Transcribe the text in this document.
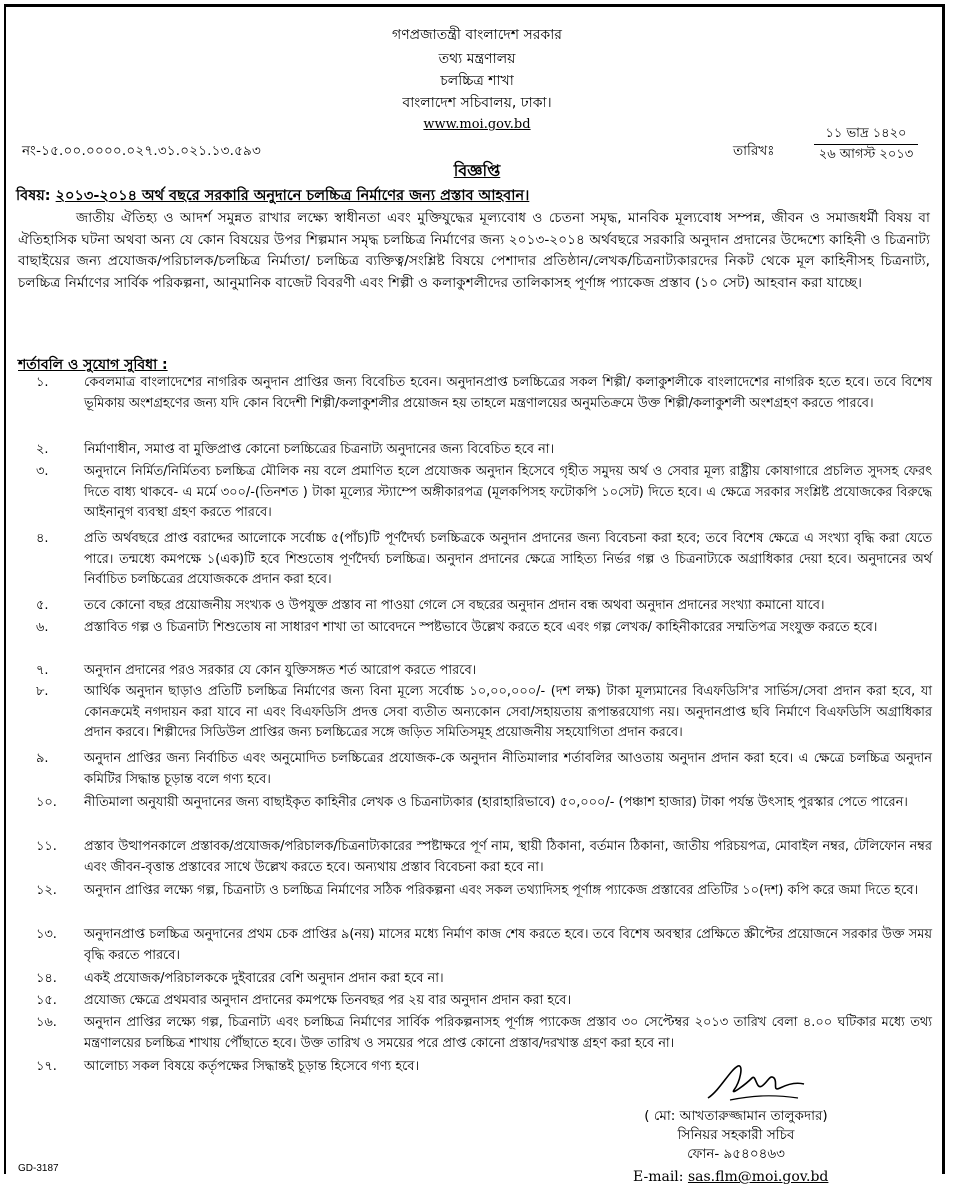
গণপ্রজাতন্ত্রী বাংলাদেশ সরকার
তথ্য মন্ত্রণালয়
চলচ্চিত্র শাখা
বাংলাদেশ সচিবালয়, ঢাকা।
www.moi.gov.bd
নং-১৫.০০.০০০০.০২৭.৩১.০২১.১৩.৫৯৩	তারিখঃ
১১ ভাদ্র ১৪২০
২৬ আগস্ট ২০১৩
বিজ্ঞপ্তি
বিষয়: ২০১৩-২০১৪ অর্থ বছরে সরকারি অনুদানে চলচ্চিত্র নির্মাণের জন্য প্রস্তাব আহবান।
জাতীয় ঐতিহ্য ও আদর্শ সমুন্নত রাখার লক্ষ্যে স্বাধীনতা এবং মুক্তিযুদ্ধের মূল্যবোধ ও চেতনা সমৃদ্ধ, মানবিক মূল্যবোধ সম্পন্ন, জীবন ও সমাজধর্মী বিষয় বা ঐতিহাসিক ঘটনা অথবা অন্য যে কোন বিষয়ের উপর শিল্পমান সমৃদ্ধ চলচ্চিত্র নির্মাণের জন্য ২০১৩-২০১৪ অর্থবছরে সরকারি অনুদান প্রদানের উদ্দেশ্যে কাহিনী ও চিত্রনাট্য বাছাইয়ের জন্য প্রযোজক/পরিচালক/চলচ্চিত্র নির্মাতা/ চলচ্চিত্র ব্যক্তিত্ব/সংশ্লিষ্ট বিষয়ে পেশাদার প্রতিষ্ঠান/লেখক/চিত্রনাট্যকারদের নিকট থেকে মূল কাহিনীসহ চিত্রনাট্য, চলচ্চিত্র নির্মাণের সার্বিক পরিকল্পনা, আনুমানিক বাজেট বিবরণী এবং শিল্পী ও কলাকুশলীদের তালিকাসহ পূর্ণাঙ্গ প্যাকেজ প্রস্তাব (১০ সেট) আহবান করা যাচ্ছে।
শর্তাবলি ও সুযোগ সুবিধা :
১.	কেবলমাত্র বাংলাদেশের নাগরিক অনুদান প্রাপ্তির জন্য বিবেচিত হবেন। অনুদানপ্রাপ্ত চলচ্চিত্রের সকল শিল্পী/ কলাকুশলীকে বাংলাদেশের নাগরিক হতে হবে। তবে বিশেষ ভূমিকায় অংশগ্রহণের জন্য যদি কোন বিদেশী শিল্পী/কলাকুশলীর প্রয়োজন হয় তাহলে মন্ত্রণালয়ের অনুমতিক্রমে উক্ত শিল্পী/কলাকুশলী অংশগ্রহণ করতে পারবে।
২.	নির্মাণাধীন, সমাপ্ত বা মুক্তিপ্রাপ্ত কোনো চলচ্চিত্রের চিত্রনাট্য অনুদানের জন্য বিবেচিত হবে না।
৩.	অনুদানে নির্মিত/নির্মিতব্য চলচ্চিত্র মৌলিক নয় বলে প্রমাণিত হলে প্রযোজক অনুদান হিসেবে গৃহীত সমুদয় অর্থ ও সেবার মূল্য রাষ্ট্রীয় কোষাগারে প্রচলিত সুদসহ ফেরৎ দিতে বাধ্য থাকবে- এ মর্মে ৩০০/-(তিনশত ) টাকা মূল্যের স্ট্যাম্পে অঙ্গীকারপত্র (মূলকপিসহ ফটোকপি ১০সেট) দিতে হবে। এ ক্ষেত্রে সরকার সংশ্লিষ্ট প্রযোজকের বিরুদ্ধে আইনানুগ ব্যবস্থা গ্রহণ করতে পারবে।
৪.	প্রতি অর্থবছরে প্রাপ্ত বরাদ্দের আলোকে সর্বোচ্চ ৫(পাঁচ)টি পূর্ণদৈর্ঘ্য চলচ্চিত্রকে অনুদান প্রদানের জন্য বিবেচনা করা হবে; তবে বিশেষ ক্ষেত্রে এ সংখ্যা বৃদ্ধি করা যেতে পারে। তন্মধ্যে কমপক্ষে ১(এক)টি হবে শিশুতোষ পূর্ণদৈর্ঘ্য চলচ্চিত্র। অনুদান প্রদানের ক্ষেত্রে সাহিত্য নির্ভর গল্প ও চিত্রনাট্যকে অগ্রাধিকার দেয়া হবে। অনুদানের অর্থ নির্বাচিত চলচ্চিত্রের প্রযোজককে প্রদান করা হবে।
৫.	তবে কোনো বছর প্রয়োজনীয় সংখ্যক ও উপযুক্ত প্রস্তাব না পাওয়া গেলে সে বছরের অনুদান প্রদান বন্ধ অথবা অনুদান প্রদানের সংখ্যা কমানো যাবে।
৬.	প্রস্তাবিত গল্প ও চিত্রনাট্য শিশুতোষ না সাধারণ শাখা তা আবেদনে স্পষ্টভাবে উল্লেখ করতে হবে এবং গল্প লেখক/ কাহিনীকারের সম্মতিপত্র সংযুক্ত করতে হবে।
৭.	অনুদান প্রদানের পরও সরকার যে কোন যুক্তিসঙ্গত শর্ত আরোপ করতে পারবে।
৮.	আর্থিক অনুদান ছাড়াও প্রতিটি চলচ্চিত্র নির্মাণের জন্য বিনা মূল্যে সর্বোচ্চ ১০,০০,০০০/- (দশ লক্ষ) টাকা মূল্যমানের বিএফডিসি'র সার্ভিস/সেবা প্রদান করা হবে, যা কোনক্রমেই নগদায়ন করা যাবে না এবং বিএফডিসি প্রদত্ত সেবা ব্যতীত অন্যকোন সেবা/সহায়তায় রূপান্তরযোগ্য নয়। অনুদানপ্রাপ্ত ছবি নির্মাণে বিএফডিসি অগ্রাধিকার প্রদান করবে। শিল্পীদের সিডিউল প্রাপ্তির জন্য চলচ্চিত্রের সঙ্গে জড়িত সমিতিসমূহ প্রয়োজনীয় সহযোগিতা প্রদান করবে।
৯.	অনুদান প্রাপ্তির জন্য নির্বাচিত এবং অনুমোদিত চলচ্চিত্রের প্রযোজক-কে অনুদান নীতিমালার শর্তাবলির আওতায় অনুদান প্রদান করা হবে। এ ক্ষেত্রে চলচ্চিত্র অনুদান কমিটির সিদ্ধান্ত চূড়ান্ত বলে গণ্য হবে।
১০.	নীতিমালা অনুযায়ী অনুদানের জন্য বাছাইকৃত কাহিনীর লেখক ও চিত্রনাট্যকার (হারাহারিভাবে) ৫০,০০০/- (পঞ্চাশ হাজার) টাকা পর্যন্ত উৎসাহ পুরস্কার পেতে পারেন।
১১.	প্রস্তাব উত্থাপনকালে প্রস্তাবক/প্রযোজক/পরিচালক/চিত্রনাট্যকারের স্পষ্টাক্ষরে পূর্ণ নাম, স্থায়ী ঠিকানা, বর্তমান ঠিকানা, জাতীয় পরিচয়পত্র, মোবাইল নম্বর, টেলিফোন নম্বর এবং জীবন-বৃত্তান্ত প্রস্তাবের সাথে উল্লেখ করতে হবে। অন্যথায় প্রস্তাব বিবেচনা করা হবে না।
১২.	অনুদান প্রাপ্তির লক্ষ্যে গল্প, চিত্রনাট্য ও চলচ্চিত্র নির্মাণের সঠিক পরিকল্পনা এবং সকল তথ্যাদিসহ পূর্ণাঙ্গ প্যাকেজ প্রস্তাবের প্রতিটির ১০(দশ) কপি করে জমা দিতে হবে।
১৩.	অনুদানপ্রাপ্ত চলচ্চিত্র অনুদানের প্রথম চেক প্রাপ্তির ৯(নয়) মাসের মধ্যে নির্মাণ কাজ শেষ করতে হবে। তবে বিশেষ অবস্থার প্রেক্ষিতে স্ক্রীপ্টের প্রয়োজনে সরকার উক্ত সময় বৃদ্ধি করতে পারবে।
১৪.	একই প্রযোজক/পরিচালককে দুইবারের বেশি অনুদান প্রদান করা হবে না।
১৫.	প্রযোজ্য ক্ষেত্রে প্রথমবার অনুদান প্রদানের কমপক্ষে তিনবছর পর ২য় বার অনুদান প্রদান করা হবে।
১৬.	অনুদান প্রাপ্তির লক্ষ্যে গল্প, চিত্রনাট্য এবং চলচ্চিত্র নির্মাণের সার্বিক পরিকল্পনাসহ পূর্ণাঙ্গ প্যাকেজ প্রস্তাব ৩০ সেপ্টেম্বর ২০১৩ তারিখ বেলা ৪.০০ ঘটিকার মধ্যে তথ্য মন্ত্রণালয়ের চলচ্চিত্র শাখায় পৌঁছাতে হবে। উক্ত তারিখ ও সময়ের পরে প্রাপ্ত কোনো প্রস্তাব/দরখাস্ত গ্রহণ করা হবে না।
১৭.	আলোচ্য সকল বিষয়ে কর্তৃপক্ষের সিদ্ধান্তই চূড়ান্ত হিসেবে গণ্য হবে।
( মো: আখতারুজ্জামান তালুকদার)
সিনিয়র সহকারী সচিব
ফোন- ৯৫৪০৪৬৩
E-mail: sas.flm@moi.gov.bd
GD-3187
